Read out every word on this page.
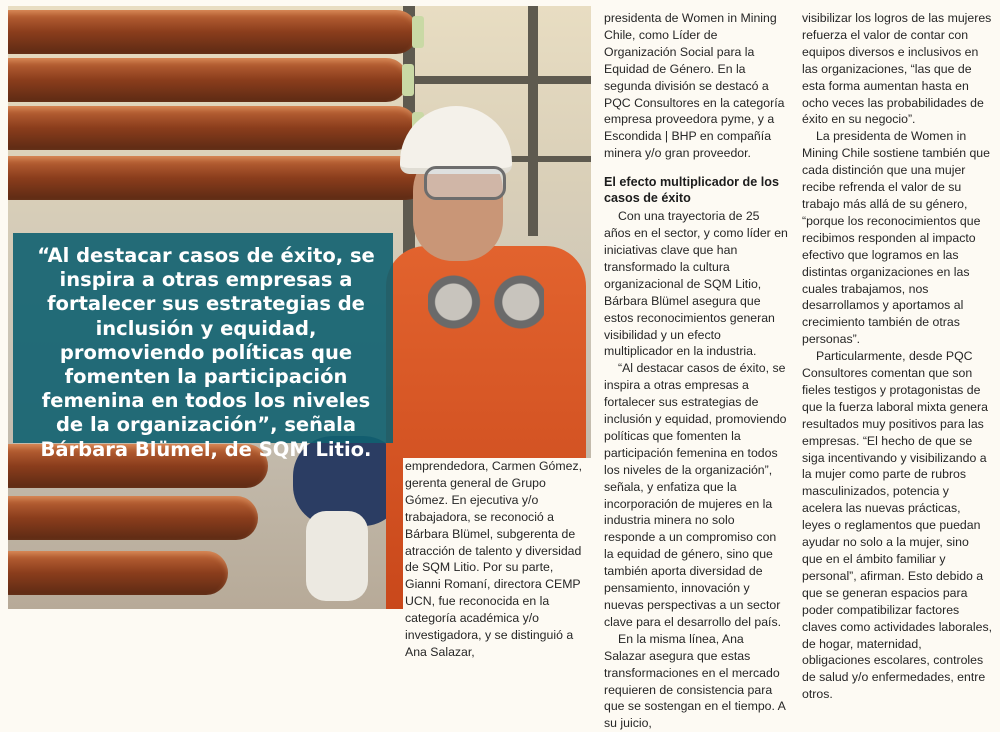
“Al destacar casos de éxito, se inspira a otras empresas a fortalecer sus estrategias de inclusión y equidad, promoviendo políticas que fomenten la participación femenina en todos los niveles de la organización”, señala Bárbara Blümel, de SQM Litio.

emprendedora, Carmen Gómez, gerenta general de Grupo Gómez. En ejecutiva y/o trabajadora, se reconoció a Bárbara Blümel, subgerenta de atracción de talento y diversidad de SQM Litio. Por su parte, Gianni Romaní, directora CEMP UCN, fue reconocida en la categoría académica y/o investigadora, y se distinguió a Ana Salazar,

presidenta de Women in Mining Chile, como Líder de Organización Social para la Equidad de Género. En la segunda división se destacó a PQC Consultores en la categoría empresa proveedora pyme, y a Escondida | BHP en compañía minera y/o gran proveedor.

El efecto multiplicador de los casos de éxito

Con una trayectoria de 25 años en el sector, y como líder en iniciativas clave que han transformado la cultura organizacional de SQM Litio, Bárbara Blümel asegura que estos reconocimientos generan visibilidad y un efecto multiplicador en la industria.

“Al destacar casos de éxito, se inspira a otras empresas a fortalecer sus estrategias de inclusión y equidad, promoviendo políticas que fomenten la participación femenina en todos los niveles de la organización”, señala, y enfatiza que la incorporación de mujeres en la industria minera no solo responde a un compromiso con la equidad de género, sino que también aporta diversidad de pensamiento, innovación y nuevas perspectivas a un sector clave para el desarrollo del país.

En la misma línea, Ana Salazar asegura que estas transformaciones en el mercado requieren de consistencia para que se sostengan en el tiempo. A su juicio,

visibilizar los logros de las mujeres refuerza el valor de contar con equipos diversos e inclusivos en las organizaciones, “las que de esta forma aumentan hasta en ocho veces las probabilidades de éxito en su negocio”.

La presidenta de Women in Mining Chile sostiene también que cada distinción que una mujer recibe refrenda el valor de su trabajo más allá de su género, “porque los reconocimientos que recibimos responden al impacto efectivo que logramos en las distintas organizaciones en las cuales trabajamos, nos desarrollamos y aportamos al crecimiento también de otras personas”.

Particularmente, desde PQC Consultores comentan que son fieles testigos y protagonistas de que la fuerza laboral mixta genera resultados muy positivos para las empresas. “El hecho de que se siga incentivando y visibilizando a la mujer como parte de rubros masculinizados, potencia y acelera las nuevas prácticas, leyes o reglamentos que puedan ayudar no solo a la mujer, sino que en el ámbito familiar y personal”, afirman. Esto debido a que se generan espacios para poder compatibilizar factores claves como actividades laborales, de hogar, maternidad, obligaciones escolares, controles de salud y/o enfermedades, entre otros.
